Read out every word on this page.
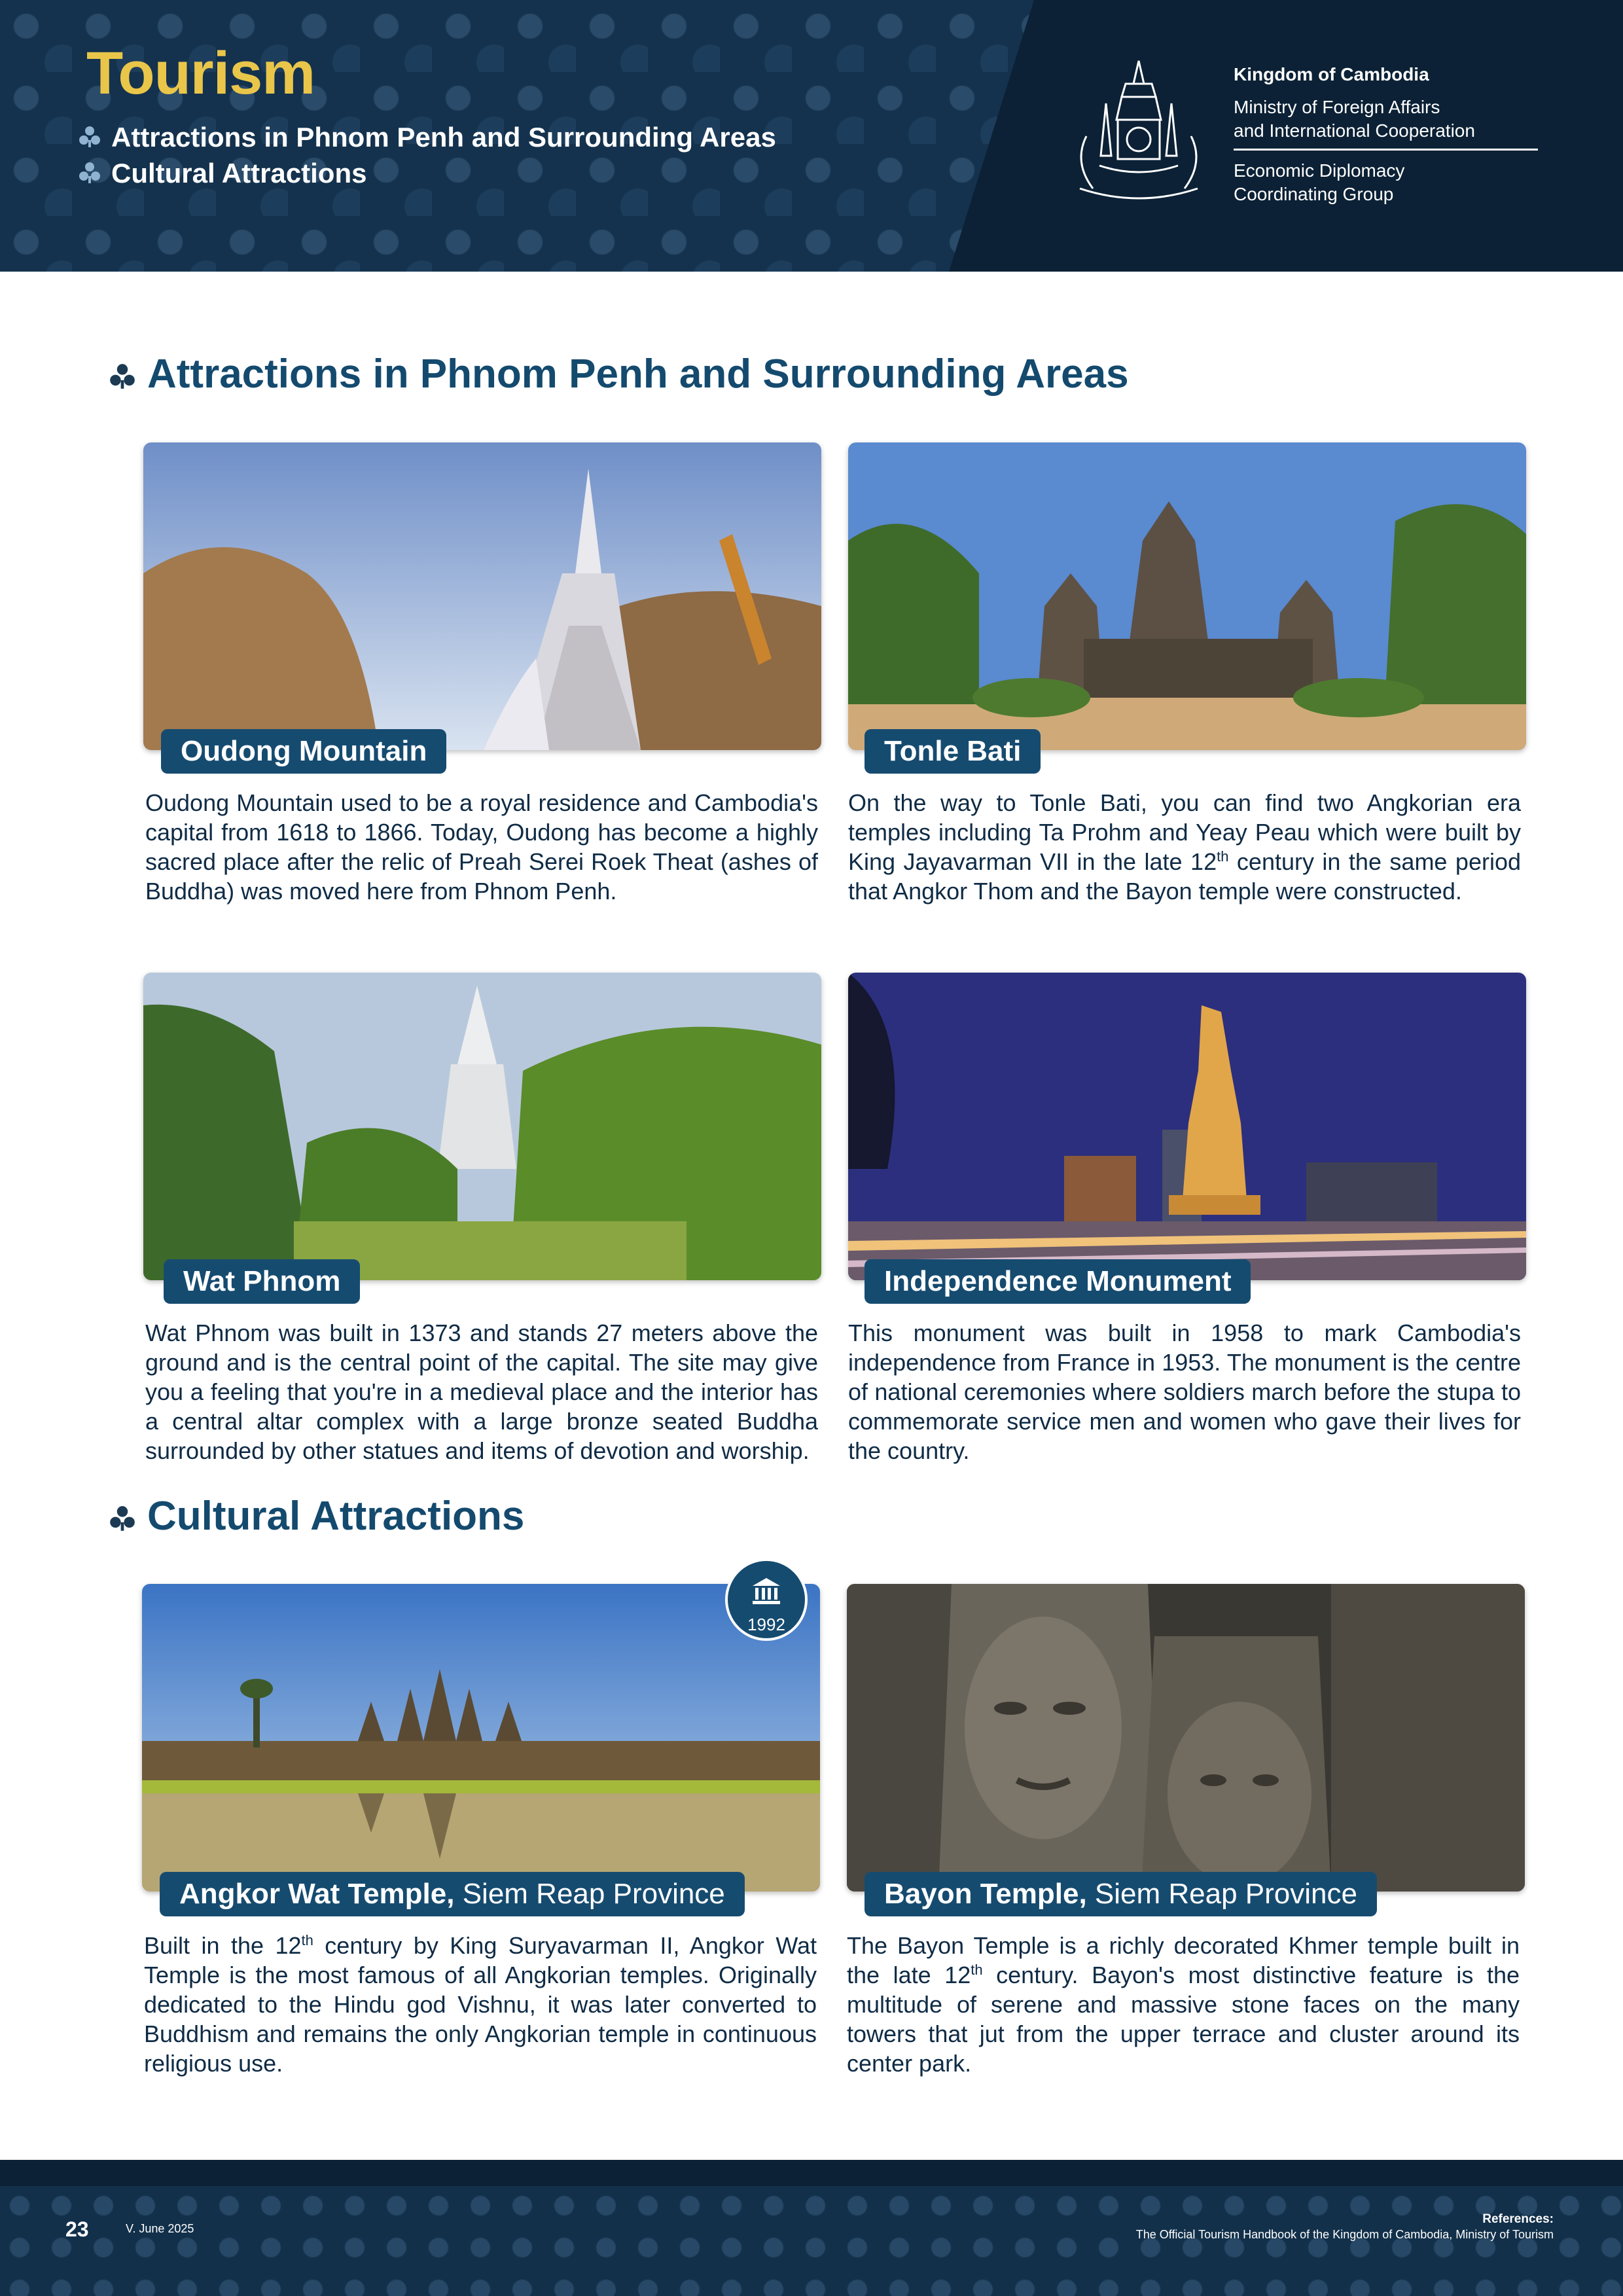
Tourism
Attractions in Phnom Penh and Surrounding Areas
Cultural Attractions
Kingdom of Cambodia
Ministry of Foreign Affairs
and International Cooperation
Economic Diplomacy
Coordinating Group
Attractions in Phnom Penh and Surrounding Areas
Oudong Mountain
Oudong Mountain used to be a royal residence and Cambodia's capital from 1618 to 1866. Today, Oudong has become a highly sacred place after the relic of Preah Serei Roek Theat (ashes of Buddha) was moved here from Phnom Penh.
Tonle Bati
On the way to Tonle Bati, you can find two Angkorian era temples including Ta Prohm and Yeay Peau which were built by King Jayavarman VII in the late 12th century in the same period that Angkor Thom and the Bayon temple were constructed.
Wat Phnom
Wat Phnom was built in 1373 and stands 27 meters above the ground and is the central point of the capital. The site may give you a feeling that you're in a medieval place and the interior has a central altar complex with a large bronze seated Buddha surrounded by other statues and items of devotion and worship.
Independence Monument
This monument was built in 1958 to mark Cambodia's independence from France in 1953. The monument is the centre of national ceremonies where soldiers march before the stupa to commemorate service men and women who gave their lives for the country.
Cultural Attractions
1992
Angkor Wat Temple, Siem Reap Province
Built in the 12th century by King Suryavarman II, Angkor Wat Temple is the most famous of all Angkorian temples. Originally dedicated to the Hindu god Vishnu, it was later converted to Buddhism and remains the only Angkorian temple in continuous religious use.
Bayon Temple, Siem Reap Province
The Bayon Temple is a richly decorated Khmer temple built in the late 12th century. Bayon's most distinctive feature is the multitude of serene and massive stone faces on the many towers that jut from the upper terrace and cluster around its center park.
23	V. June 2025
References:
The Official Tourism Handbook of the Kingdom of Cambodia, Ministry of Tourism
